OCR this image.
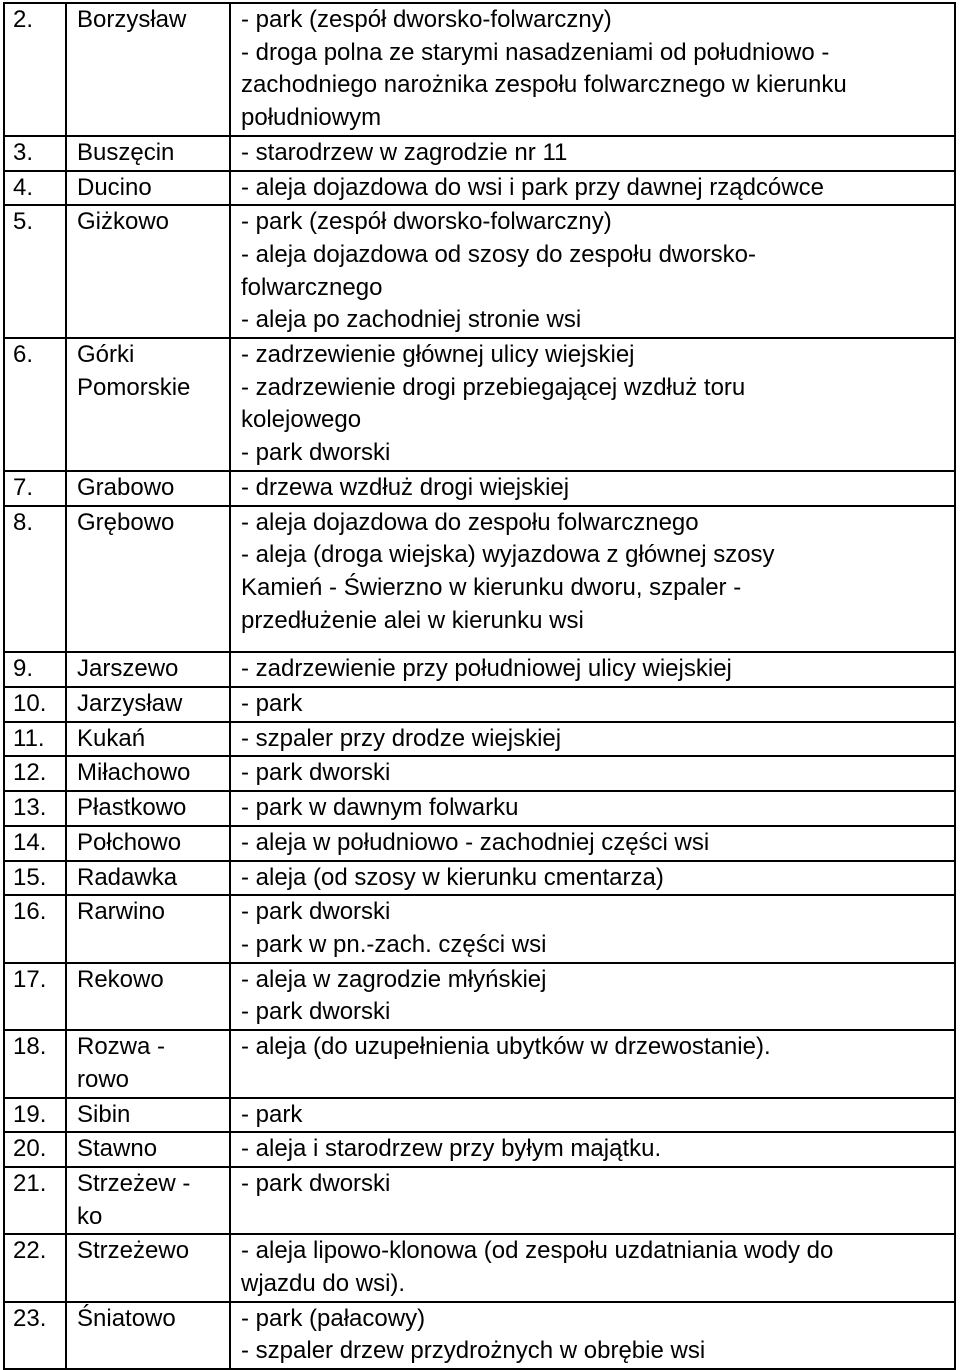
2.	Borzysław	- park (zespół dworsko-folwarczny)
- droga polna ze starymi nasadzeniami od południowo -
zachodniego narożnika zespołu folwarcznego w kierunku
południowym

3.	Buszęcin	- starodrzew w zagrodzie nr 11

4.	Ducino	- aleja dojazdowa do wsi i park przy dawnej rządcówce

5.	Giżkowo	- park (zespół dworsko-folwarczny)
- aleja dojazdowa od szosy do zespołu dworsko-
folwarcznego
- aleja po zachodniej stronie wsi

6.	Górki
Pomorskie	- zadrzewienie głównej ulicy wiejskiej
- zadrzewienie drogi przebiegającej wzdłuż toru
kolejowego
- park dworski

7.	Grabowo	- drzewa wzdłuż drogi wiejskiej

8.	Grębowo	- aleja dojazdowa do zespołu folwarcznego
- aleja (droga wiejska) wyjazdowa z głównej szosy
Kamień - Świerzno w kierunku dworu, szpaler -
przedłużenie alei w kierunku wsi

9.	Jarszewo	- zadrzewienie przy południowej ulicy wiejskiej

10.	Jarzysław	- park

11.	Kukań	- szpaler przy drodze wiejskiej

12.	Miłachowo	- park dworski

13.	Płastkowo	- park w dawnym folwarku

14.	Połchowo	- aleja w południowo - zachodniej części wsi

15.	Radawka	- aleja (od szosy w kierunku cmentarza)

16.	Rarwino	- park dworski
- park w pn.-zach. części wsi

17.	Rekowo	- aleja w zagrodzie młyńskiej
- park dworski

18.	Rozwa -
rowo	- aleja (do uzupełnienia ubytków w drzewostanie).

19.	Sibin	- park

20.	Stawno	- aleja i starodrzew przy byłym majątku.

21.	Strzeżew -
ko	- park dworski

22.	Strzeżewo	- aleja lipowo-klonowa (od zespołu uzdatniania wody do
wjazdu do wsi).

23.	Śniatowo	- park (pałacowy)
- szpaler drzew przydrożnych w obrębie wsi
